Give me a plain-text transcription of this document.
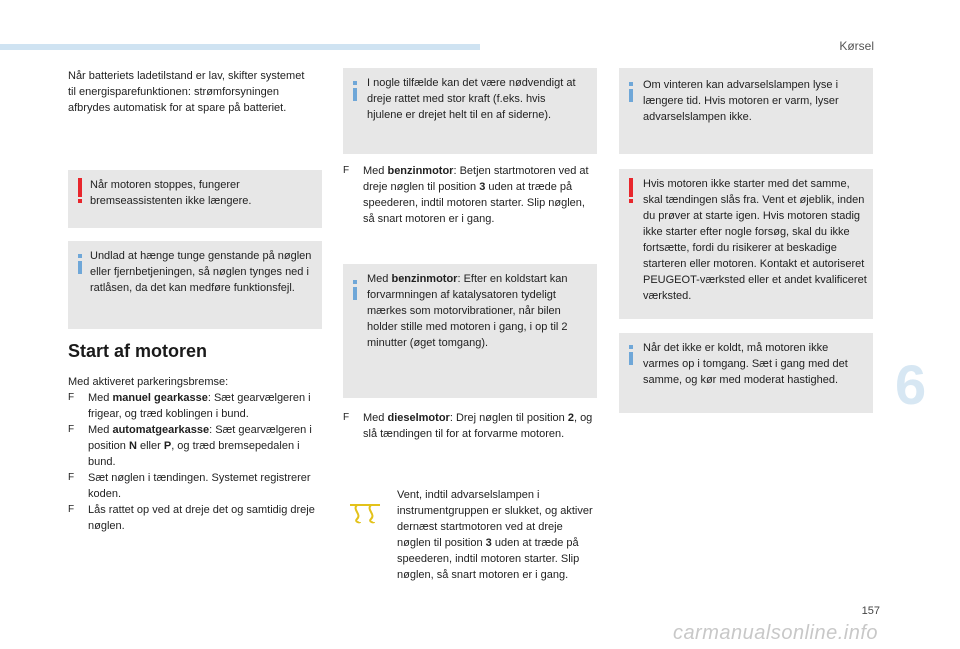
Kørsel
6
Når batteriets ladetilstand er lav, skifter systemet til energisparefunktionen: strømforsyningen afbrydes automatisk for at spare på batteriet.
Når motoren stoppes, fungerer bremseassistenten ikke længere.
Undlad at hænge tunge genstande på nøglen eller fjernbetjeningen, så nøglen tynges ned i ratlåsen, da det kan medføre funktionsfejl.
Start af motoren
Med aktiveret parkeringsbremse:
F Med manuel gearkasse: Sæt gearvælgeren i frigear, og træd koblingen i bund.
F Med automatgearkasse: Sæt gearvælgeren i position N eller P, og træd bremsepedalen i bund.
F Sæt nøglen i tændingen. Systemet registrerer koden.
F Lås rattet op ved at dreje det og samtidig dreje nøglen.
I nogle tilfælde kan det være nødvendigt at dreje rattet med stor kraft (f.eks. hvis hjulene er drejet helt til en af siderne).
F Med benzinmotor: Betjen startmotoren ved at dreje nøglen til position 3 uden at træde på speederen, indtil motoren starter. Slip nøglen, så snart motoren er i gang.
Med benzinmotor: Efter en koldstart kan forvarmningen af katalysatoren tydeligt mærkes som motorvibrationer, når bilen holder stille med motoren i gang, i op til 2 minutter (øget tomgang).
F Med dieselmotor: Drej nøglen til position 2, og slå tændingen til for at forvarme motoren.
Vent, indtil advarselslampen i instrumentgruppen er slukket, og aktiver dernæst startmotoren ved at dreje nøglen til position 3 uden at træde på speederen, indtil motoren starter. Slip nøglen, så snart motoren er i gang.
Om vinteren kan advarselslampen lyse i længere tid. Hvis motoren er varm, lyser advarselslampen ikke.
Hvis motoren ikke starter med det samme, skal tændingen slås fra. Vent et øjeblik, inden du prøver at starte igen. Hvis motoren stadig ikke starter efter nogle forsøg, skal du ikke fortsætte, fordi du risikerer at beskadige starteren eller motoren. Kontakt et autoriseret PEUGEOT-værksted eller et andet kvalificeret værksted.
Når det ikke er koldt, må motoren ikke varmes op i tomgang. Sæt i gang med det samme, og kør med moderat hastighed.
157
carmanualsonline.info
